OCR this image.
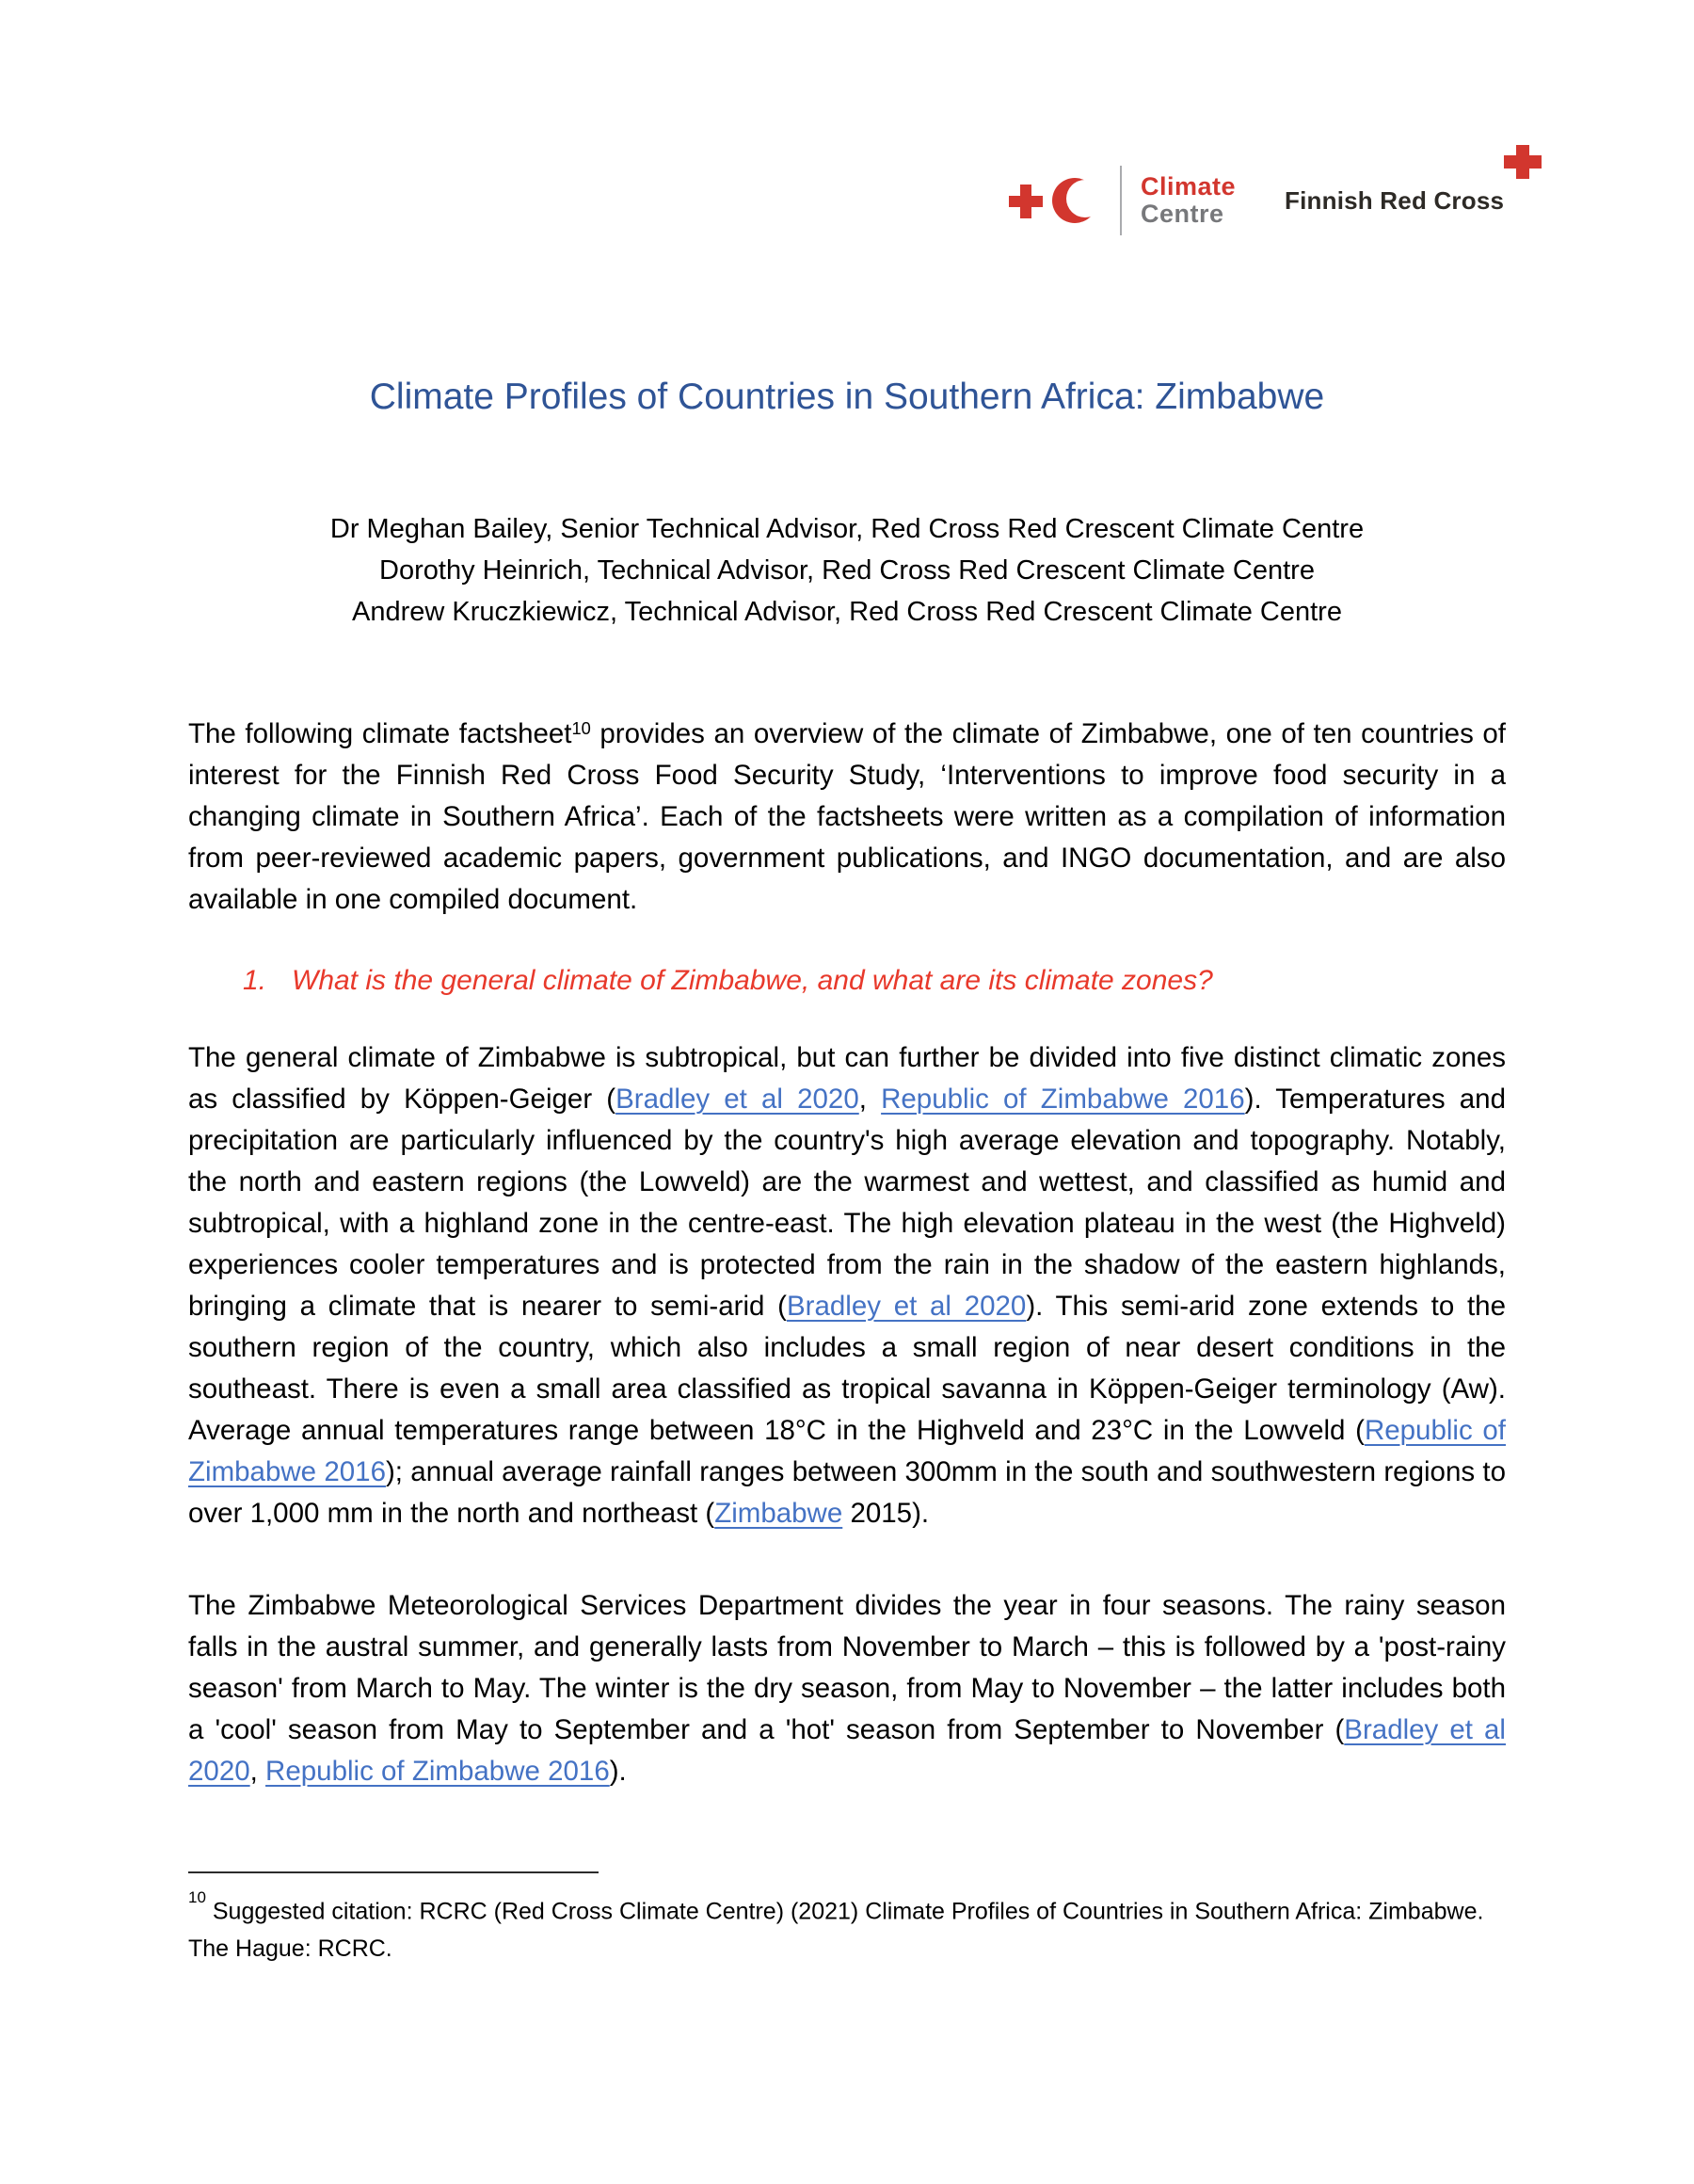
Climate
Centre	Finnish Red Cross
Climate Profiles of Countries in Southern Africa: Zimbabwe
Dr Meghan Bailey, Senior Technical Advisor, Red Cross Red Crescent Climate Centre
Dorothy Heinrich, Technical Advisor, Red Cross Red Crescent Climate Centre
Andrew Kruczkiewicz, Technical Advisor, Red Cross Red Crescent Climate Centre

The following climate factsheet$^{10}$ provides an overview of the climate of Zimbabwe, one of ten countries of interest for the Finnish Red Cross Food Security Study, ‘Interventions to improve food security in a changing climate in Southern Africa’. Each of the factsheets were written as a compilation of information from peer-reviewed academic papers, government publications, and INGO documentation, and are also available in one compiled document.

1. What is the general climate of Zimbabwe, and what are its climate zones?

The general climate of Zimbabwe is subtropical, but can further be divided into five distinct climatic zones as classified by Köppen-Geiger (Bradley et al 2020, Republic of Zimbabwe 2016). Temperatures and precipitation are particularly influenced by the country's high average elevation and topography. Notably, the north and eastern regions (the Lowveld) are the warmest and wettest, and classified as humid and subtropical, with a highland zone in the centre-east. The high elevation plateau in the west (the Highveld) experiences cooler temperatures and is protected from the rain in the shadow of the eastern highlands, bringing a climate that is nearer to semi-arid (Bradley et al 2020). This semi-arid zone extends to the southern region of the country, which also includes a small region of near desert conditions in the southeast. There is even a small area classified as tropical savanna in Köppen-Geiger terminology (Aw). Average annual temperatures range between 18°C in the Highveld and 23°C in the Lowveld (Republic of Zimbabwe 2016); annual average rainfall ranges between 300mm in the south and southwestern regions to over 1,000 mm in the north and northeast (Zimbabwe 2015).

The Zimbabwe Meteorological Services Department divides the year in four seasons. The rainy season falls in the austral summer, and generally lasts from November to March – this is followed by a 'post-rainy season' from March to May. The winter is the dry season, from May to November – the latter includes both a 'cool' season from May to September and a 'hot' season from September to November (Bradley et al 2020, Republic of Zimbabwe 2016).

$^{10}$ Suggested citation: RCRC (Red Cross Climate Centre) (2021) Climate Profiles of Countries in Southern Africa: Zimbabwe. The Hague: RCRC.
